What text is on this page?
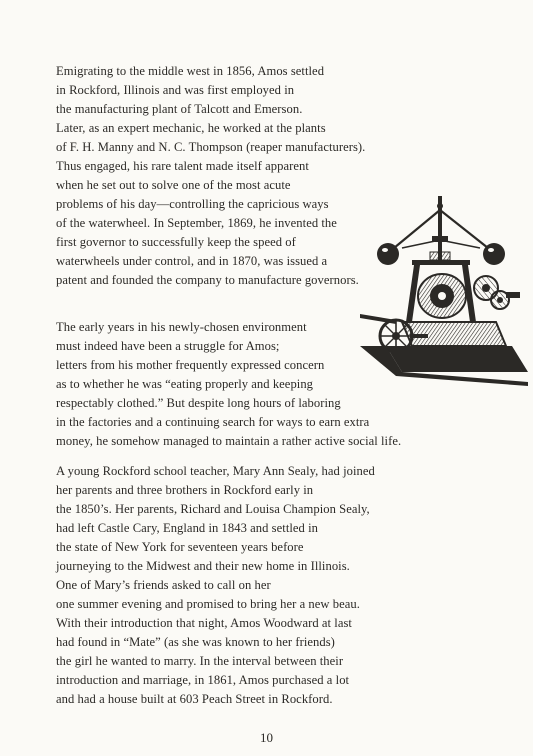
Emigrating to the middle west in 1856, Amos settled
in Rockford, Illinois and was first employed in
the manufacturing plant of Talcott and Emerson.
Later, as an expert mechanic, he worked at the plants
of F. H. Manny and N. C. Thompson (reaper manufacturers).
Thus engaged, his rare talent made itself apparent
when he set out to solve one of the most acute
problems of his day—controlling the capricious ways
of the waterwheel. In September, 1869, he invented the
first governor to successfully keep the speed of
waterwheels under control, and in 1870, was issued a
patent and founded the company to manufacture governors.
The early years in his newly-chosen environment
must indeed have been a struggle for Amos;
letters from his mother frequently expressed concern
as to whether he was “eating properly and keeping
respectably clothed.” But despite long hours of laboring
in the factories and a continuing search for ways to earn extra
money, he somehow managed to maintain a rather active social life.
A young Rockford school teacher, Mary Ann Sealy, had joined
her parents and three brothers in Rockford early in
the 1850’s. Her parents, Richard and Louisa Champion Sealy,
had left Castle Cary, England in 1843 and settled in
the state of New York for seventeen years before
journeying to the Midwest and their new home in Illinois.
One of Mary’s friends asked to call on her
one summer evening and promised to bring her a new beau.
With their introduction that night, Amos Woodward at last
had found in “Mate” (as she was known to her friends)
the girl he wanted to marry. In the interval between their
introduction and marriage, in 1861, Amos purchased a lot
and had a house built at 603 Peach Street in Rockford.
10
